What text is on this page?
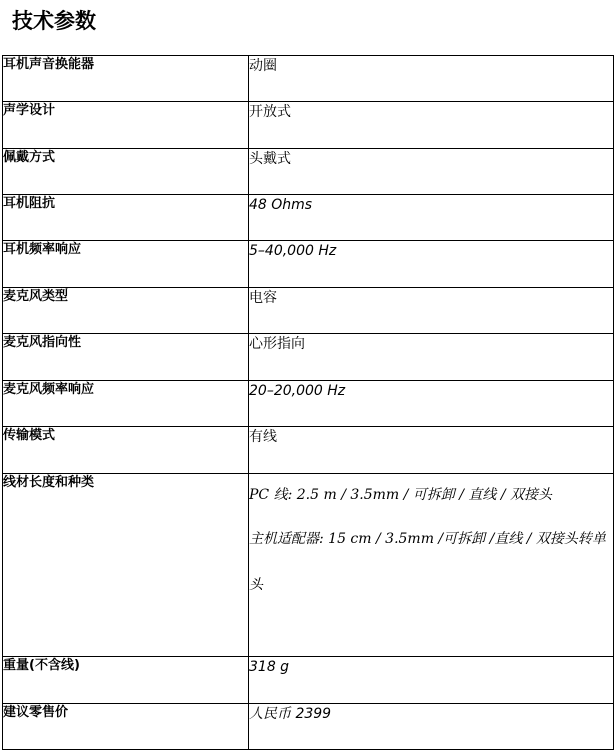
技术参数
耳机声音换能器	动圈
声学设计	开放式
佩戴方式	头戴式
耳机阻抗	48 Ohms
耳机频率响应	5–40,000 Hz
麦克风类型	电容
麦克风指向性	心形指向
麦克风频率响应	20–20,000 Hz
传输模式	有线
线材长度和种类	PC 线: 2.5 m / 3.5mm / 可拆卸 / 直线 / 双接头
主机适配器: 15 cm / 3.5mm /可拆卸 /直线 / 双接头转单头

重量(不含线)	318 g
建议零售价	人民币 2399
